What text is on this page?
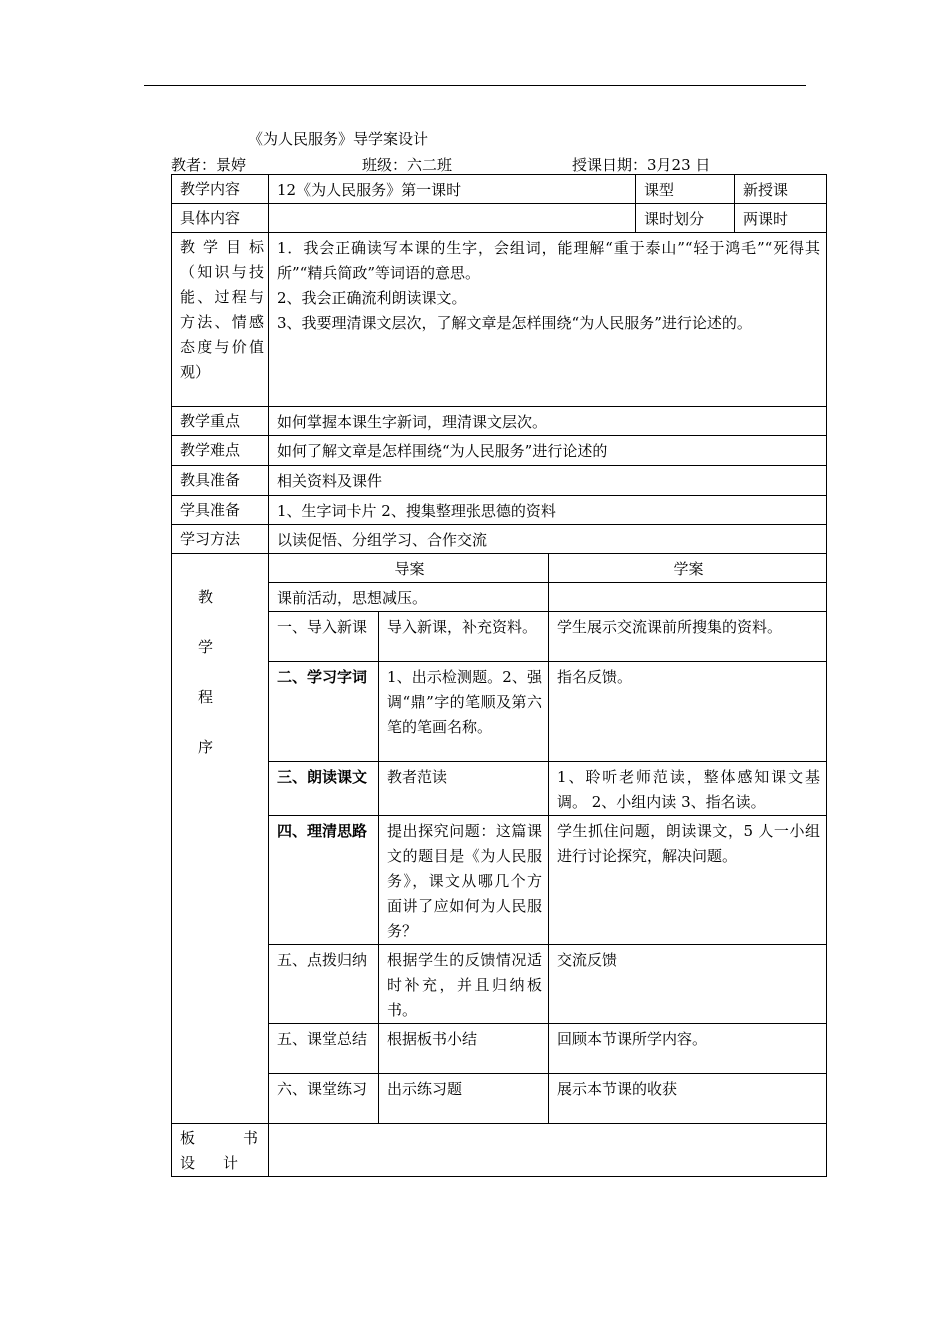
《为人民服务》导学案设计
教者：景婷	班级：六二班	授课日期：3月23 日
教学内容	12《为人民服务》第一课时			课型	新授课
具体内容				课时划分	两课时
教学目标（知识与技能、过程与方法、情感态度与价值观）	1．我会正确读写本课的生字，会组词，能理解“重于泰山”“轻于鸿毛”“死得其所”“精兵简政”等词语的意思。
2、我会正确流利朗读课文。
3、我要理清课文层次，了解文章是怎样围绕“为人民服务”进行论述的。				

教学重点	如何掌握本课生字新词，理清课文层次。				
教学难点	如何了解文章是怎样围绕“为人民服务”进行论述的				
教具准备	相关资料及课件				
学具准备	1、生字词卡片 2、搜集整理张思德的资料				
学习方法	以读促悟、分组学习、合作交流				

教
学
程
序	导案		学案		
	课前活动，思想减压。				
	一、导入新课	导入新课，补充资料。	学生展示交流课前所搜集的资料。		
	二、学习字词	1、出示检测题。2、强调“鼎”字的笔顺及第六笔的笔画名称。	指名反馈。		
	三、朗读课文	教者范读	1、聆听老师范读，整体感知课文基调。 2、小组内读 3、指名读。		
	四、理清思路	提出探究问题：这篇课文的题目是《为人民服务》，课文从哪几个方面讲了应如何为人民服务？	学生抓住问题，朗读课文，5 人一小组进行讨论探究，解决问题。		
	五、点拨归纳	根据学生的反馈情况适时补充，并且归纳板书。	交流反馈		
	五、课堂总结	根据板书小结	回顾本节课所学内容。		
	六、课堂练习	出示练习题	展示本节课的收获		

板 书
设 计					
